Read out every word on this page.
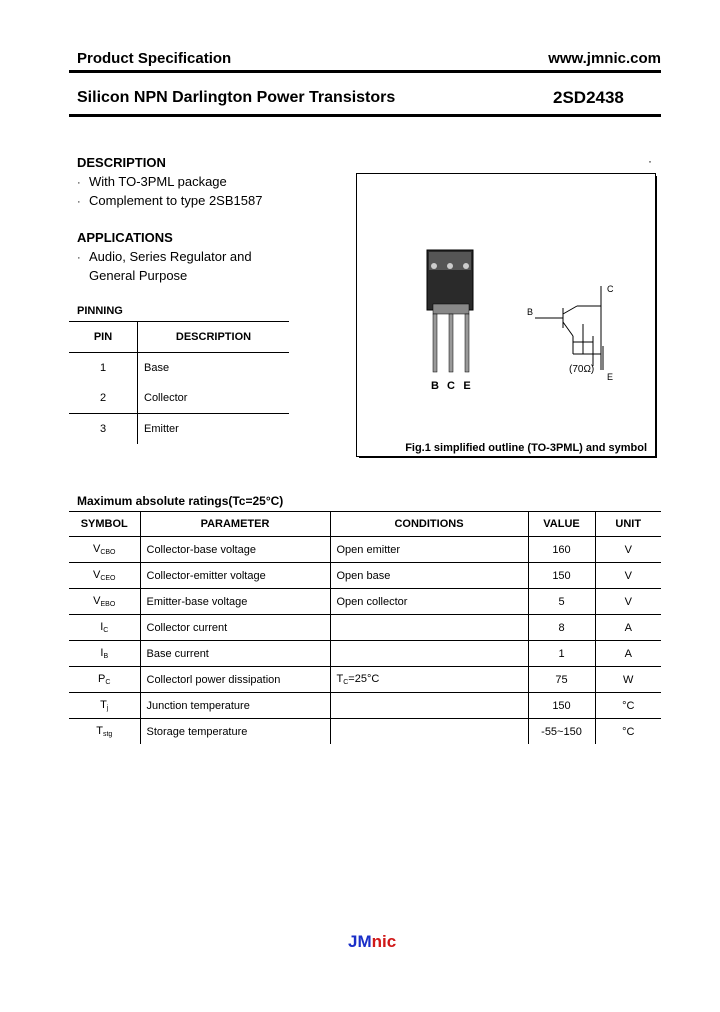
Product Specification	www.jmnic.com
Silicon NPN Darlington Power Transistors	2SD2438
DESCRIPTION
· With TO-3PML package
· Complement to type 2SB1587
APPLICATIONS
· Audio, Series Regulator and
General Purpose
PINNING
PIN	DESCRIPTION
1	Base
2	Collector
3	Emitter
·
B C E
C
B
E
(70Ω)
Fig.1 simplified outline (TO-3PML) and symbol
Maximum absolute ratings(Tc=25°C)
SYMBOL	PARAMETER	CONDITIONS	VALUE	UNIT
$V_{CBO}$	Collector-base voltage	Open emitter	160	V
$V_{CEO}$	Collector-emitter voltage	Open base	150	V
$V_{EBO}$	Emitter-base voltage	Open collector	5	V
$I_C$	Collector current		8	A
$I_B$	Base current		1	A
$P_C$	Collectorl power dissipation	$T_C=25^\circ C$	75	W
$T_j$	Junction temperature		150	°C
$T_{stg}$	Storage temperature		-55~150	°C
JMnic
